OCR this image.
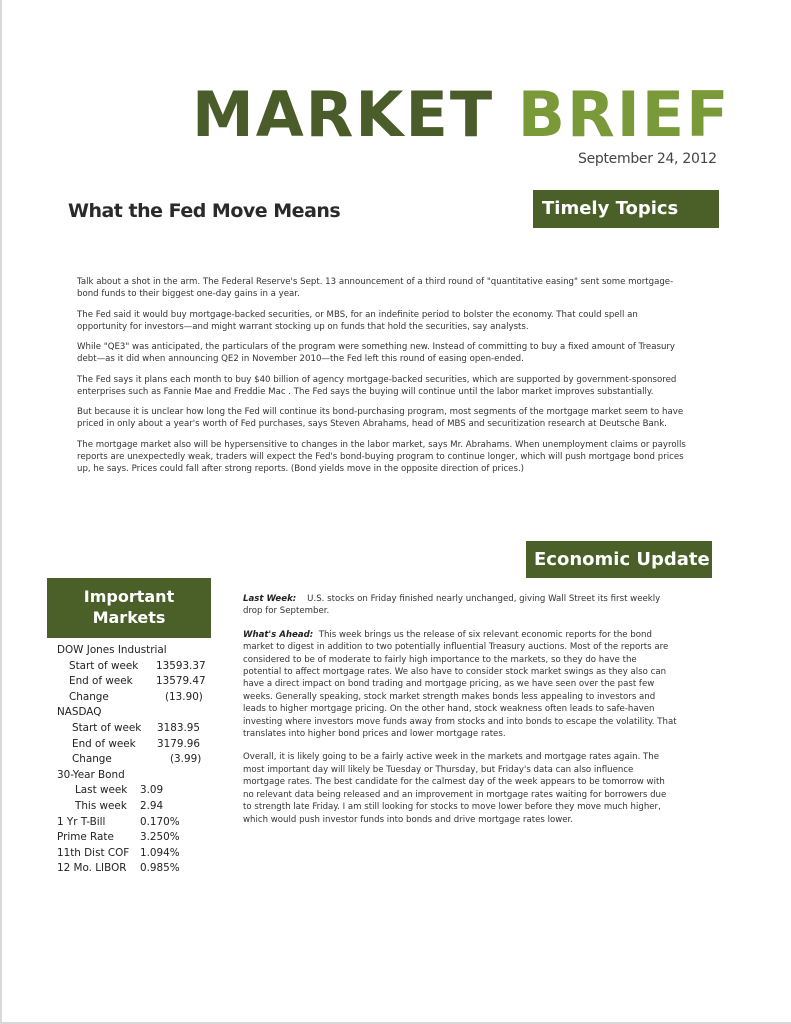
MARKET BRIEF
September 24, 2012
Timely Topics
What the Fed Move Means

Talk about a shot in the arm. The Federal Reserve's Sept. 13 announcement of a third round of "quantitative easing" sent some mortgage-bond funds to their biggest one-day gains in a year.

The Fed said it would buy mortgage-backed securities, or MBS, for an indefinite period to bolster the economy. That could spell an opportunity for investors—and might warrant stocking up on funds that hold the securities, say analysts.

While "QE3" was anticipated, the particulars of the program were something new. Instead of committing to buy a fixed amount of Treasury debt—as it did when announcing QE2 in November 2010—the Fed left this round of easing open-ended.

The Fed says it plans each month to buy $40 billion of agency mortgage-backed securities, which are supported by government-sponsored enterprises such as Fannie Mae and Freddie Mac . The Fed says the buying will continue until the labor market improves substantially.

But because it is unclear how long the Fed will continue its bond-purchasing program, most segments of the mortgage market seem to have priced in only about a year's worth of Fed purchases, says Steven Abrahams, head of MBS and securitization research at Deutsche Bank.

The mortgage market also will be hypersensitive to changes in the labor market, says Mr. Abrahams. When unemployment claims or payrolls reports are unexpectedly weak, traders will expect the Fed's bond-buying program to continue longer, which will push mortgage bond prices up, he says. Prices could fall after strong reports. (Bond yields move in the opposite direction of prices.)

Economic Update
Important
Markets
DOW Jones Industrial
Start of week 13593.37
End of week 13579.47
Change	(13.90)
NASDAQ
Start of week 3183.95
End of week 3179.96
Change	(3.99)
30-Year Bond
Last week 3.09
This week 2.94
1 Yr T-Bill	0.170%
Prime Rate	3.250%
11th Dist COF 1.094%
12 Mo. LIBOR 0.985%

Last Week: U.S. stocks on Friday finished nearly unchanged, giving Wall Street its first weekly drop for September.

What's Ahead: This week brings us the release of six relevant economic reports for the bond market to digest in addition to two potentially influential Treasury auctions. Most of the reports are considered to be of moderate to fairly high importance to the markets, so they do have the potential to affect mortgage rates. We also have to consider stock market swings as they also can have a direct impact on bond trading and mortgage pricing, as we have seen over the past few weeks. Generally speaking, stock market strength makes bonds less appealing to investors and leads to higher mortgage pricing. On the other hand, stock weakness often leads to safe-haven investing where investors move funds away from stocks and into bonds to escape the volatility. That translates into higher bond prices and lower mortgage rates.

Overall, it is likely going to be a fairly active week in the markets and mortgage rates again. The most important day will likely be Tuesday or Thursday, but Friday's data can also influence mortgage rates. The best candidate for the calmest day of the week appears to be tomorrow with no relevant data being released and an improvement in mortgage rates waiting for borrowers due to strength late Friday. I am still looking for stocks to move lower before they move much higher, which would push investor funds into bonds and drive mortgage rates lower.
